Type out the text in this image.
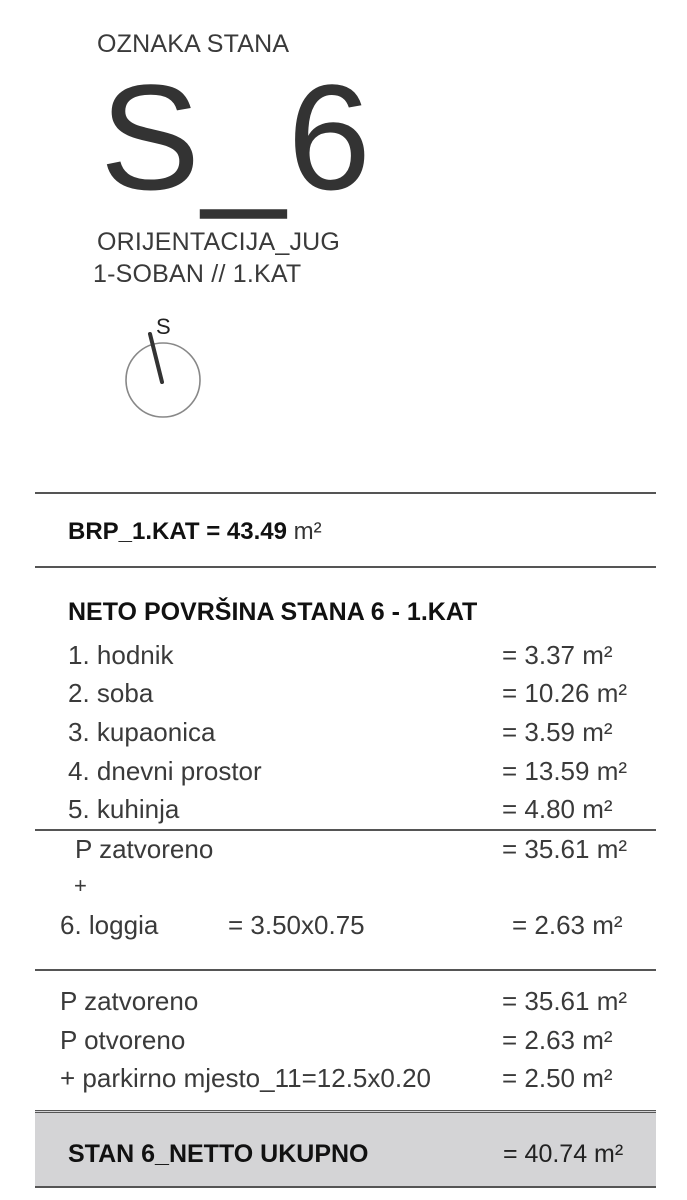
OZNAKA STANA
S_6
ORIJENTACIJA_JUG
1-SOBAN // 1.KAT
S
BRP_1.KAT = 43.49 m²
NETO POVRŠINA STANA 6 - 1.KAT
1. hodnik	= 3.37 m²
2. soba	= 10.26 m²
3. kupaonica	= 3.59 m²
4. dnevni prostor	= 13.59 m²
5. kuhinja	= 4.80 m²
P zatvoreno	= 35.61 m²
+
6. loggia	= 3.50x0.75	= 2.63 m²
P zatvoreno	= 35.61 m²
P otvoreno	= 2.63 m²
+ parkirno mjesto_11=12.5x0.20	= 2.50 m²
STAN 6_NETTO UKUPNO	= 40.74 m²
